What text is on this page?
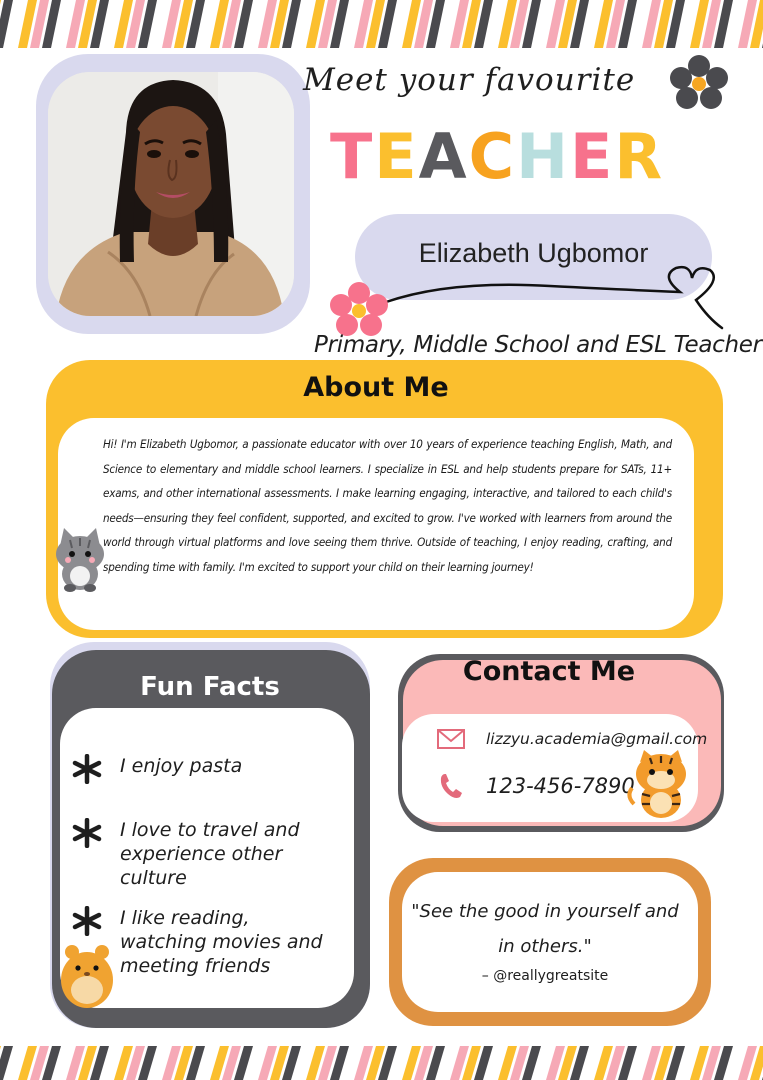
Meet your favourite
TEACHER
Elizabeth Ugbomor
Primary, Middle School and ESL Teacher
About Me
Hi! I'm Elizabeth Ugbomor, a passionate educator with over 10 years of experience teaching English, Math, and Science to elementary and middle school learners. I specialize in ESL and help students prepare for SATs, 11+ exams, and other international assessments. I make learning engaging, interactive, and tailored to each child's needs—ensuring they feel confident, supported, and excited to grow. I've worked with learners from around the world through virtual platforms and love seeing them thrive. Outside of teaching, I enjoy reading, crafting, and spending time with family. I'm excited to support your child on their learning journey!
Fun Facts
I enjoy pasta
I love to travel and experience other culture
I like reading, watching movies and meeting friends
Contact Me
lizzyu.academia@gmail.com
123-456-7890
"See the good in yourself and in others."
– @reallygreatsite
